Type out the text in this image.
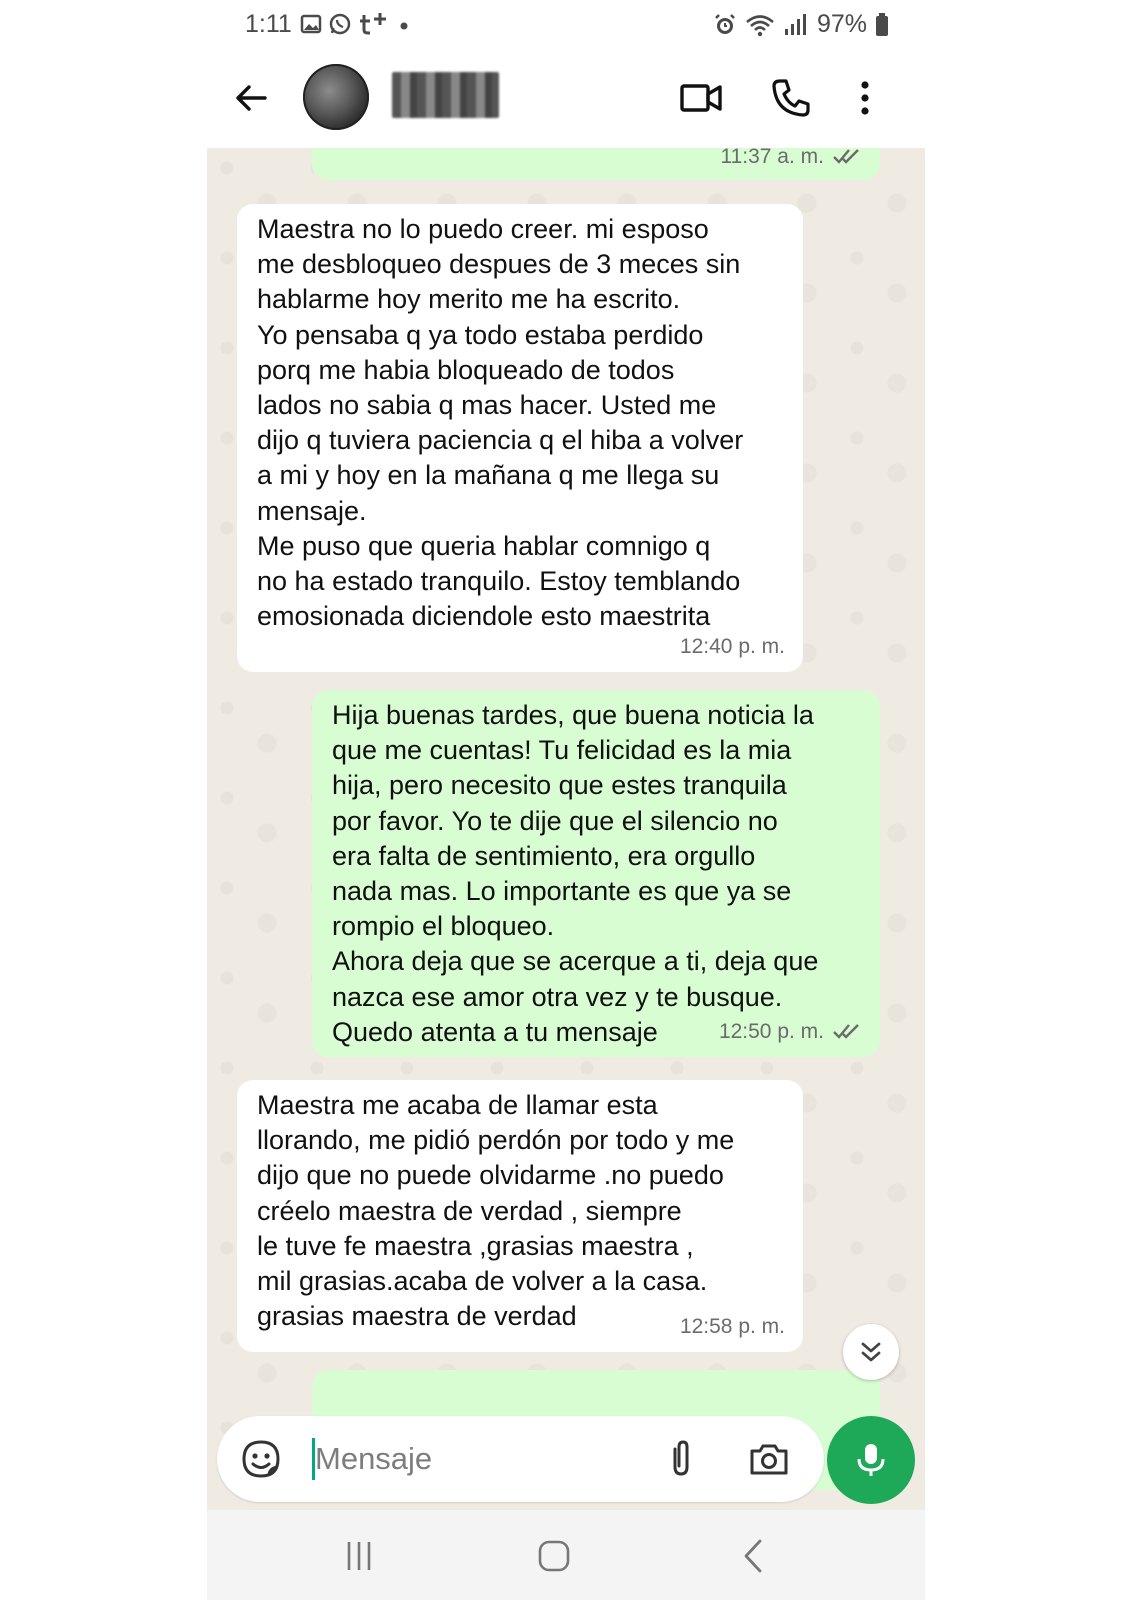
1:11	97%
11:37 a. m.
Maestra no lo puedo creer. mi esposo
me desbloqueo despues de 3 meces sin
hablarme hoy merito me ha escrito.
Yo pensaba q ya todo estaba perdido
porq me habia bloqueado de todos
lados no sabia q mas hacer. Usted me
dijo q tuviera paciencia q el hiba a volver
a mi y hoy en la mañana q me llega su
mensaje.
Me puso que queria hablar comnigo q
no ha estado tranquilo. Estoy temblando
emosionada diciendole esto maestrita
12:40 p. m.
Hija buenas tardes, que buena noticia la
que me cuentas! Tu felicidad es la mia
hija, pero necesito que estes tranquila
por favor. Yo te dije que el silencio no
era falta de sentimiento, era orgullo
nada mas. Lo importante es que ya se
rompio el bloqueo.
Ahora deja que se acerque a ti, deja que
nazca ese amor otra vez y te busque.
Quedo atenta a tu mensaje	12:50 p. m.
Maestra me acaba de llamar esta
llorando, me pidió perdón por todo y me
dijo que no puede olvidarme .no puedo
créelo maestra de verdad , siempre
le tuve fe maestra ,grasias maestra ,
mil grasias.acaba de volver a la casa.
grasias maestra de verdad	12:58 p. m.
Mensaje
